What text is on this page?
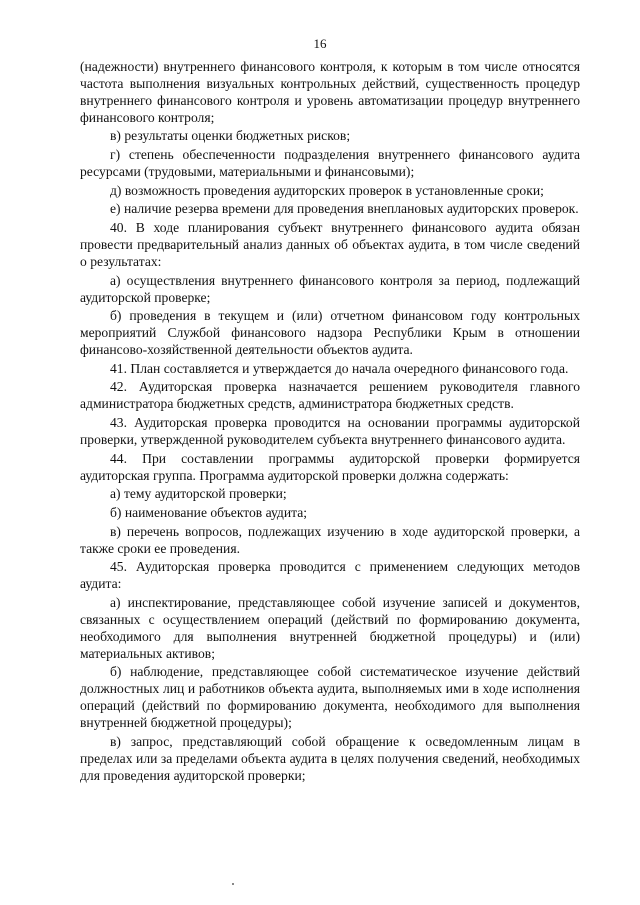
16

(надежности) внутреннего финансового контроля, к которым в том числе относятся частота выполнения визуальных контрольных действий, существенность процедур внутреннего финансового контроля и уровень автоматизации процедур внутреннего финансового контроля;

в) результаты оценки бюджетных рисков;

г) степень обеспеченности подразделения внутреннего финансового аудита ресурсами (трудовыми, материальными и финансовыми);

д) возможность проведения аудиторских проверок в установленные сроки;

е) наличие резерва времени для проведения внеплановых аудиторских проверок.

40. В ходе планирования субъект внутреннего финансового аудита обязан провести предварительный анализ данных об объектах аудита, в том числе сведений о результатах:

а) осуществления внутреннего финансового контроля за период, подлежащий аудиторской проверке;

б) проведения в текущем и (или) отчетном финансовом году контрольных мероприятий Службой финансового надзора Республики Крым в отношении финансово-хозяйственной деятельности объектов аудита.

41. План составляется и утверждается до начала очередного финансового года.

42. Аудиторская проверка назначается решением руководителя главного администратора бюджетных средств, администратора бюджетных средств.

43. Аудиторская проверка проводится на основании программы аудиторской проверки, утвержденной руководителем субъекта внутреннего финансового аудита.

44. При составлении программы аудиторской проверки формируется аудиторская группа. Программа аудиторской проверки должна содержать:

а) тему аудиторской проверки;

б) наименование объектов аудита;

в) перечень вопросов, подлежащих изучению в ходе аудиторской проверки, а также сроки ее проведения.

45. Аудиторская проверка проводится с применением следующих методов аудита:

а) инспектирование, представляющее собой изучение записей и документов, связанных с осуществлением операций (действий по формированию документа, необходимого для выполнения внутренней бюджетной процедуры) и (или) материальных активов;

б) наблюдение, представляющее собой систематическое изучение действий должностных лиц и работников объекта аудита, выполняемых ими в ходе исполнения операций (действий по формированию документа, необходимого для выполнения внутренней бюджетной процедуры);

в) запрос, представляющий собой обращение к осведомленным лицам в пределах или за пределами объекта аудита в целях получения сведений, необходимых для проведения аудиторской проверки;
